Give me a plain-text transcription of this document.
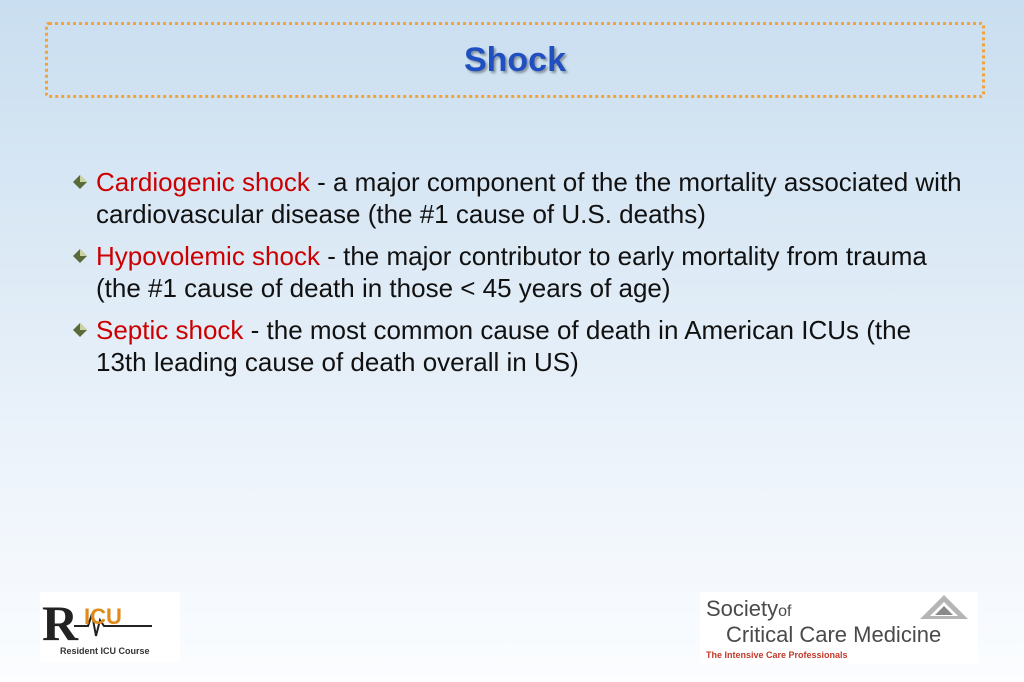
Shock
Cardiogenic shock - a major component of the the mortality associated with cardiovascular disease (the #1 cause of U.S. deaths)
Hypovolemic shock - the major contributor to early mortality from trauma (the #1 cause of death in those < 45 years of age)
Septic shock - the most common cause of death in American ICUs (the 13th leading cause of death overall in US)
R ICU
Resident ICU Course
Societyof
Critical Care Medicine
The Intensive Care Professionals
